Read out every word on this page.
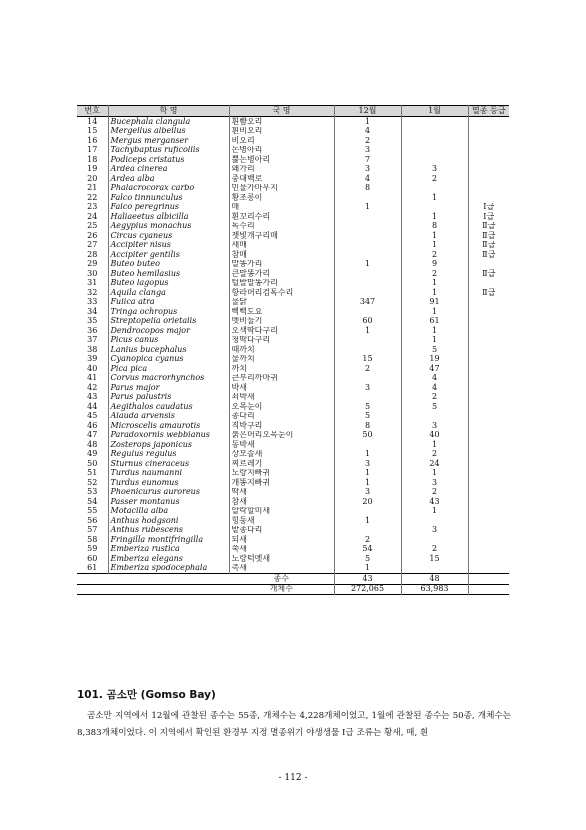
번호	학 명	국 명	12월	1월	멸종 등급
14	Bucephala clangula	흰뺨오리	1		
15	Mergellus albellus	흰비오리	4		
16	Mergus merganser	비오리	2		
17	Tachybaptus ruficollis	논병아리	3		
18	Podiceps cristatus	뿔논병아리	7		
19	Ardea cinerea	왜가리	3	3	
20	Ardea alba	중대백로	4	2	
21	Phalacrocorax carbo	민물가마우지	8		
22	Falco tinnunculus	황조롱이		1	
23	Falco peregrinus	매	1		Ⅰ급
24	Haliaeetus albicilla	흰꼬리수리		1	Ⅰ급
25	Aegypius monachus	독수리		8	Ⅱ급
26	Circus cyaneus	잿빛개구리매		1	Ⅱ급
27	Accipiter nisus	새매		1	Ⅱ급
28	Accipiter gentilis	참매		2	Ⅱ급
29	Buteo buteo	말똥가리	1	9	
30	Buteo hemilasius	큰말똥가리		2	Ⅱ급
31	Buteo lagopus	털발말똥가리		1	
32	Aquila clanga	항라머리검독수리		1	Ⅱ급
33	Fulica atra	물닭	347	91	
34	Tringa ochropus	삑삑도요		1	
35	Streptopelia orietalis	멧비둘기	60	61	
36	Dendrocopos major	오색딱다구리	1	1	
37	Picus canus	청딱다구리		1	
38	Lanius bucephalus	때까치		5	
39	Cyanopica cyanus	물까치	15	19	
40	Pica pica	까치	2	47	
41	Corvus macrorhynchos	큰부리까마귀		4	
42	Parus major	박새	3	4	
43	Parus palustris	쇠박새		2	
44	Aegithalos caudatus	오목눈이	5	5	
45	Alauda arvensis	종다리	5		
46	Microscelis amaurotis	직박구리	8	3	
47	Paradoxornis webbianus	붉은머리오목눈이	50	40	
48	Zosterops japonicus	동박새		1	
49	Regulus regulus	상모솔새	1	2	
50	Sturnus cineraceus	찌르레기	3	24	
51	Turdus naumanni	노랑지빠귀	1	1	
52	Turdus eunomus	개똥지빠귀	1	3	
53	Phoenicurus auroreus	딱새	3	2	
54	Passer montanus	참새	20	43	
55	Motacilla alba	알락할미새		1	
56	Anthus hodgsoni	힝둥새	1		
57	Anthus rubescens	밭종다리		3	
58	Fringilla montifringilla	되새	2		
59	Emberiza rustica	쑥새	54	2	
60	Emberiza elegans	노랑턱멧새	5	15	
61	Emberiza spodocephala	촉새	1		
		종수	43	48	
		개체수	272,065	63,983	
101. 곰소만 (Gomso Bay)
곰소만 지역에서 12월에 관찰된 종수는 55종, 개체수는 4,228개체이었고, 1월에 관찰된 종수는 50종, 개체수는 8,383개체이었다. 이 지역에서 확인된 환경부 지정 멸종위기 야생생물 Ⅰ급 조류는 황새, 매, 흰
- 112 -
